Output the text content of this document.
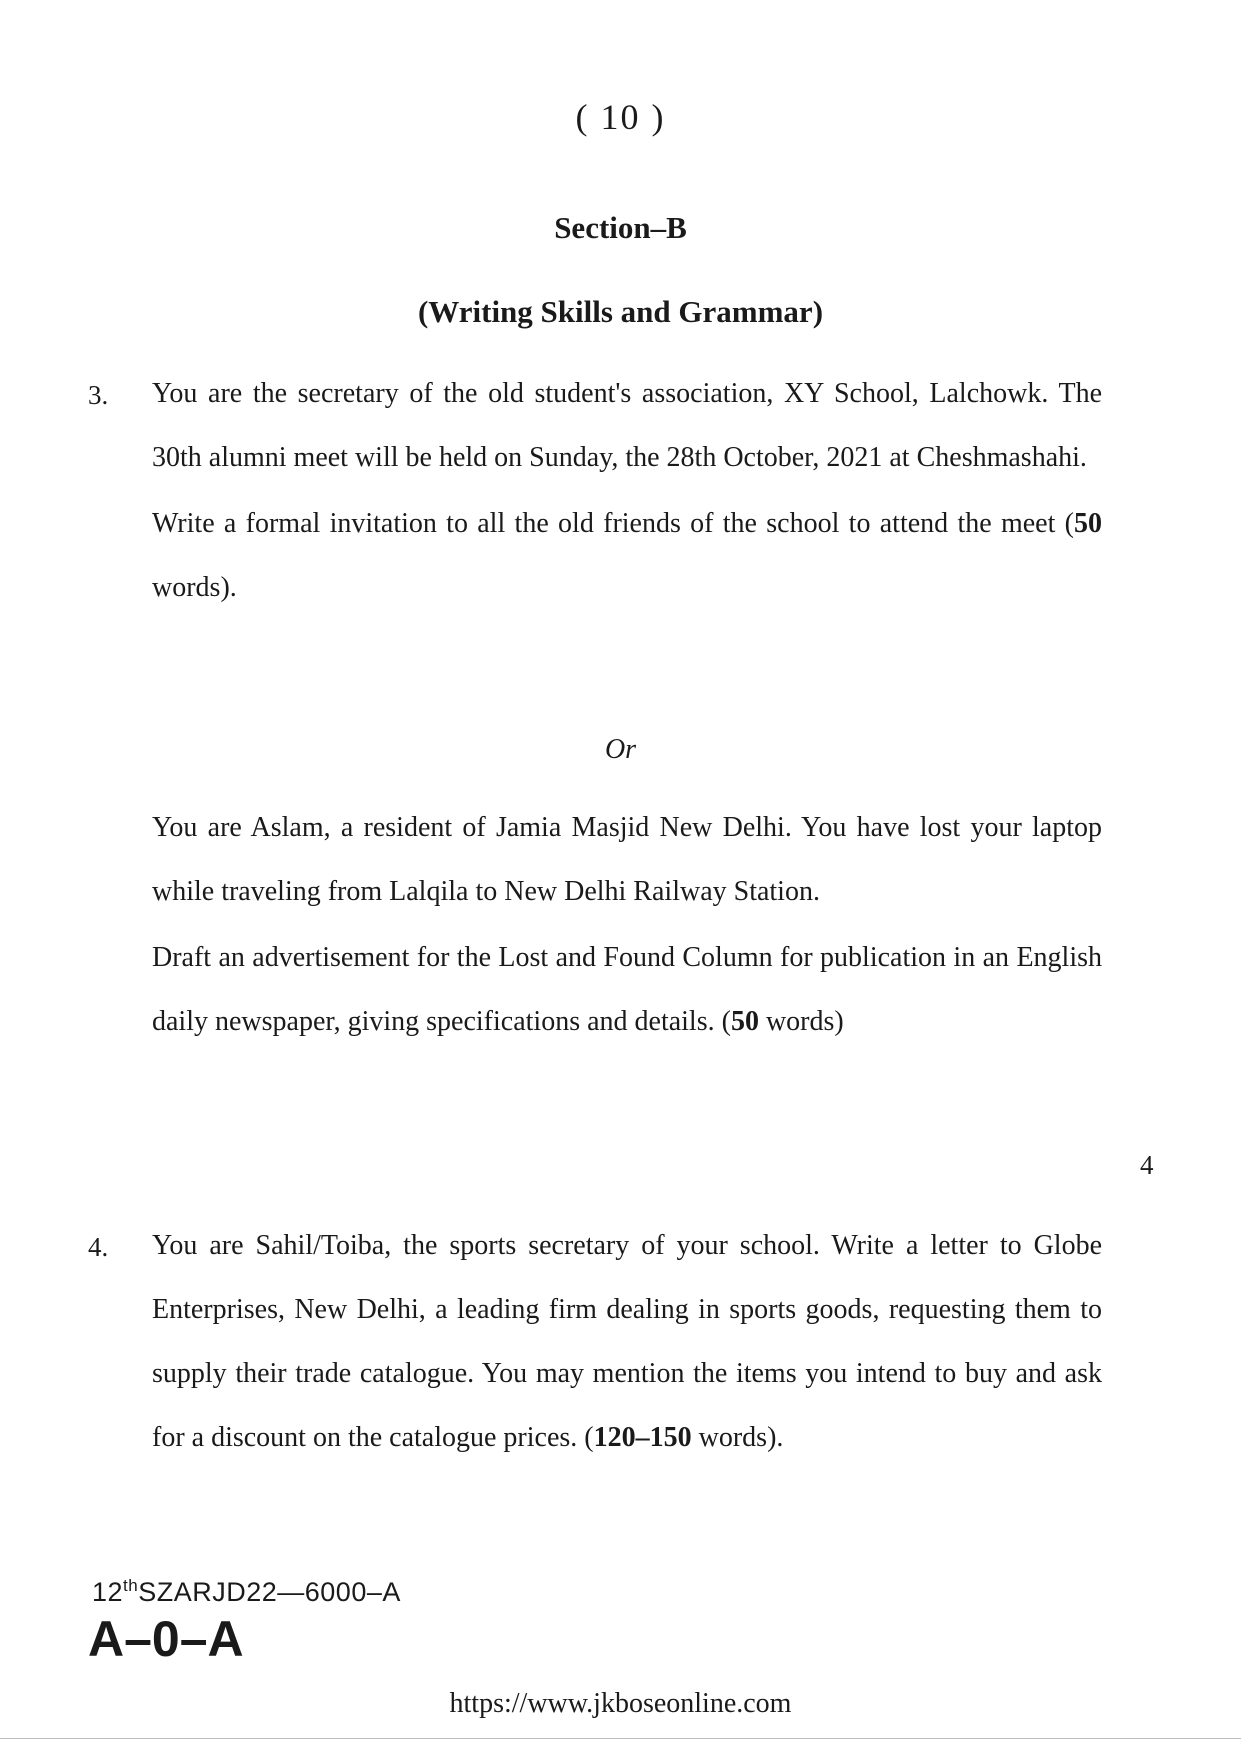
( 10 )
Section–B
(Writing Skills and Grammar)
3. You are the secretary of the old student's association, XY School, Lalchowk. The 30th alumni meet will be held on Sunday, the 28th October, 2021 at Cheshmashahi.

Write a formal invitation to all the old friends of the school to attend the meet (50 words).

Or

You are Aslam, a resident of Jamia Masjid New Delhi. You have lost your laptop while traveling from Lalqila to New Delhi Railway Station.

Draft an advertisement for the Lost and Found Column for publication in an English daily newspaper, giving specifications and details. (50 words)

4
4. You are Sahil/Toiba, the sports secretary of your school. Write a letter to Globe Enterprises, New Delhi, a leading firm dealing in sports goods, requesting them to supply their trade catalogue. You may mention the items you intend to buy and ask for a discount on the catalogue prices. (120–150 words).

12thSZARJD22—6000–A
A–0–A
https://www.jkboseonline.com
